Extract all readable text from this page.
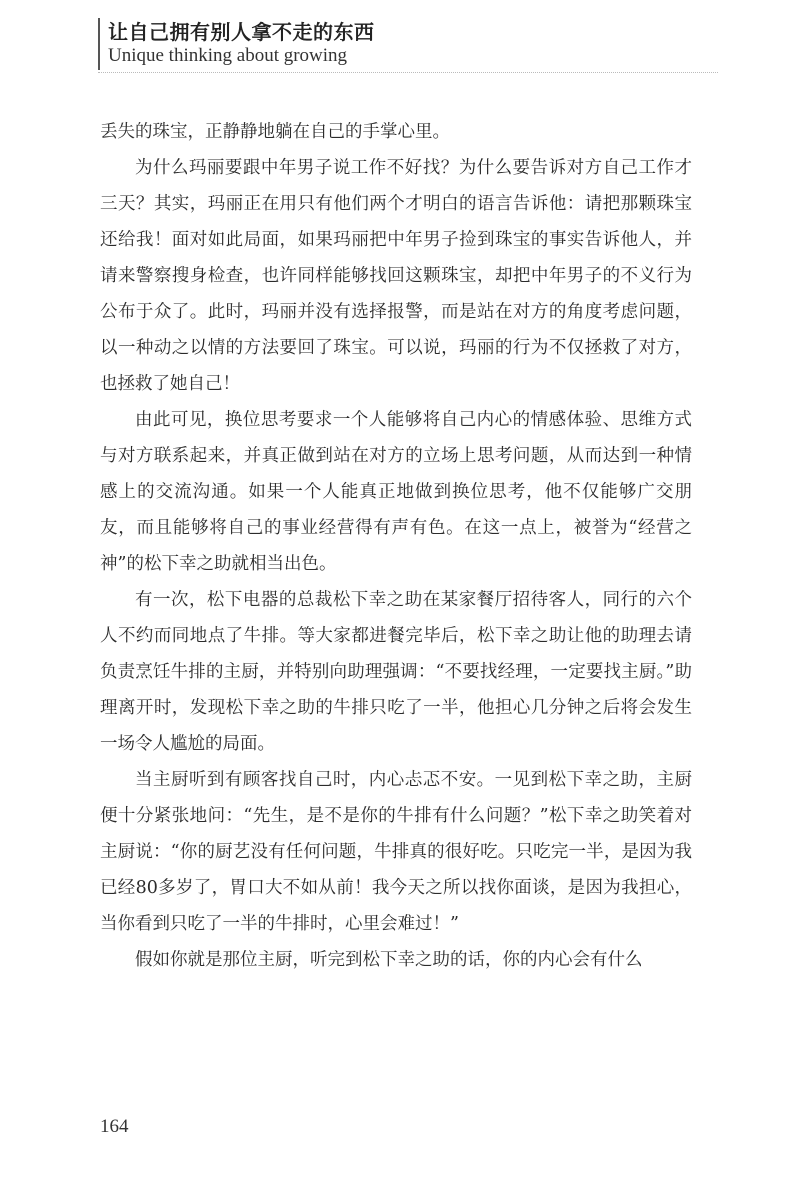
让自己拥有别人拿不走的东西
Unique thinking about growing

丢失的珠宝，正静静地躺在自己的手掌心里。

为什么玛丽要跟中年男子说工作不好找？为什么要告诉对方自己工作才三天？其实，玛丽正在用只有他们两个才明白的语言告诉他：请把那颗珠宝还给我！面对如此局面，如果玛丽把中年男子捡到珠宝的事实告诉他人，并请来警察搜身检查，也许同样能够找回这颗珠宝，却把中年男子的不义行为公布于众了。此时，玛丽并没有选择报警，而是站在对方的角度考虑问题，以一种动之以情的方法要回了珠宝。可以说，玛丽的行为不仅拯救了对方，也拯救了她自己！

由此可见，换位思考要求一个人能够将自己内心的情感体验、思维方式与对方联系起来，并真正做到站在对方的立场上思考问题，从而达到一种情感上的交流沟通。如果一个人能真正地做到换位思考，他不仅能够广交朋友，而且能够将自己的事业经营得有声有色。在这一点上，被誉为“经营之神”的松下幸之助就相当出色。

有一次，松下电器的总裁松下幸之助在某家餐厅招待客人，同行的六个人不约而同地点了牛排。等大家都进餐完毕后，松下幸之助让他的助理去请负责烹饪牛排的主厨，并特别向助理强调：“不要找经理，一定要找主厨。”助理离开时，发现松下幸之助的牛排只吃了一半，他担心几分钟之后将会发生一场令人尴尬的局面。

当主厨听到有顾客找自己时，内心忐忑不安。一见到松下幸之助，主厨便十分紧张地问：“先生，是不是你的牛排有什么问题？”松下幸之助笑着对主厨说：“你的厨艺没有任何问题，牛排真的很好吃。只吃完一半，是因为我已经80多岁了，胃口大不如从前！我今天之所以找你面谈，是因为我担心，当你看到只吃了一半的牛排时，心里会难过！”

假如你就是那位主厨，听完到松下幸之助的话，你的内心会有什么

164
